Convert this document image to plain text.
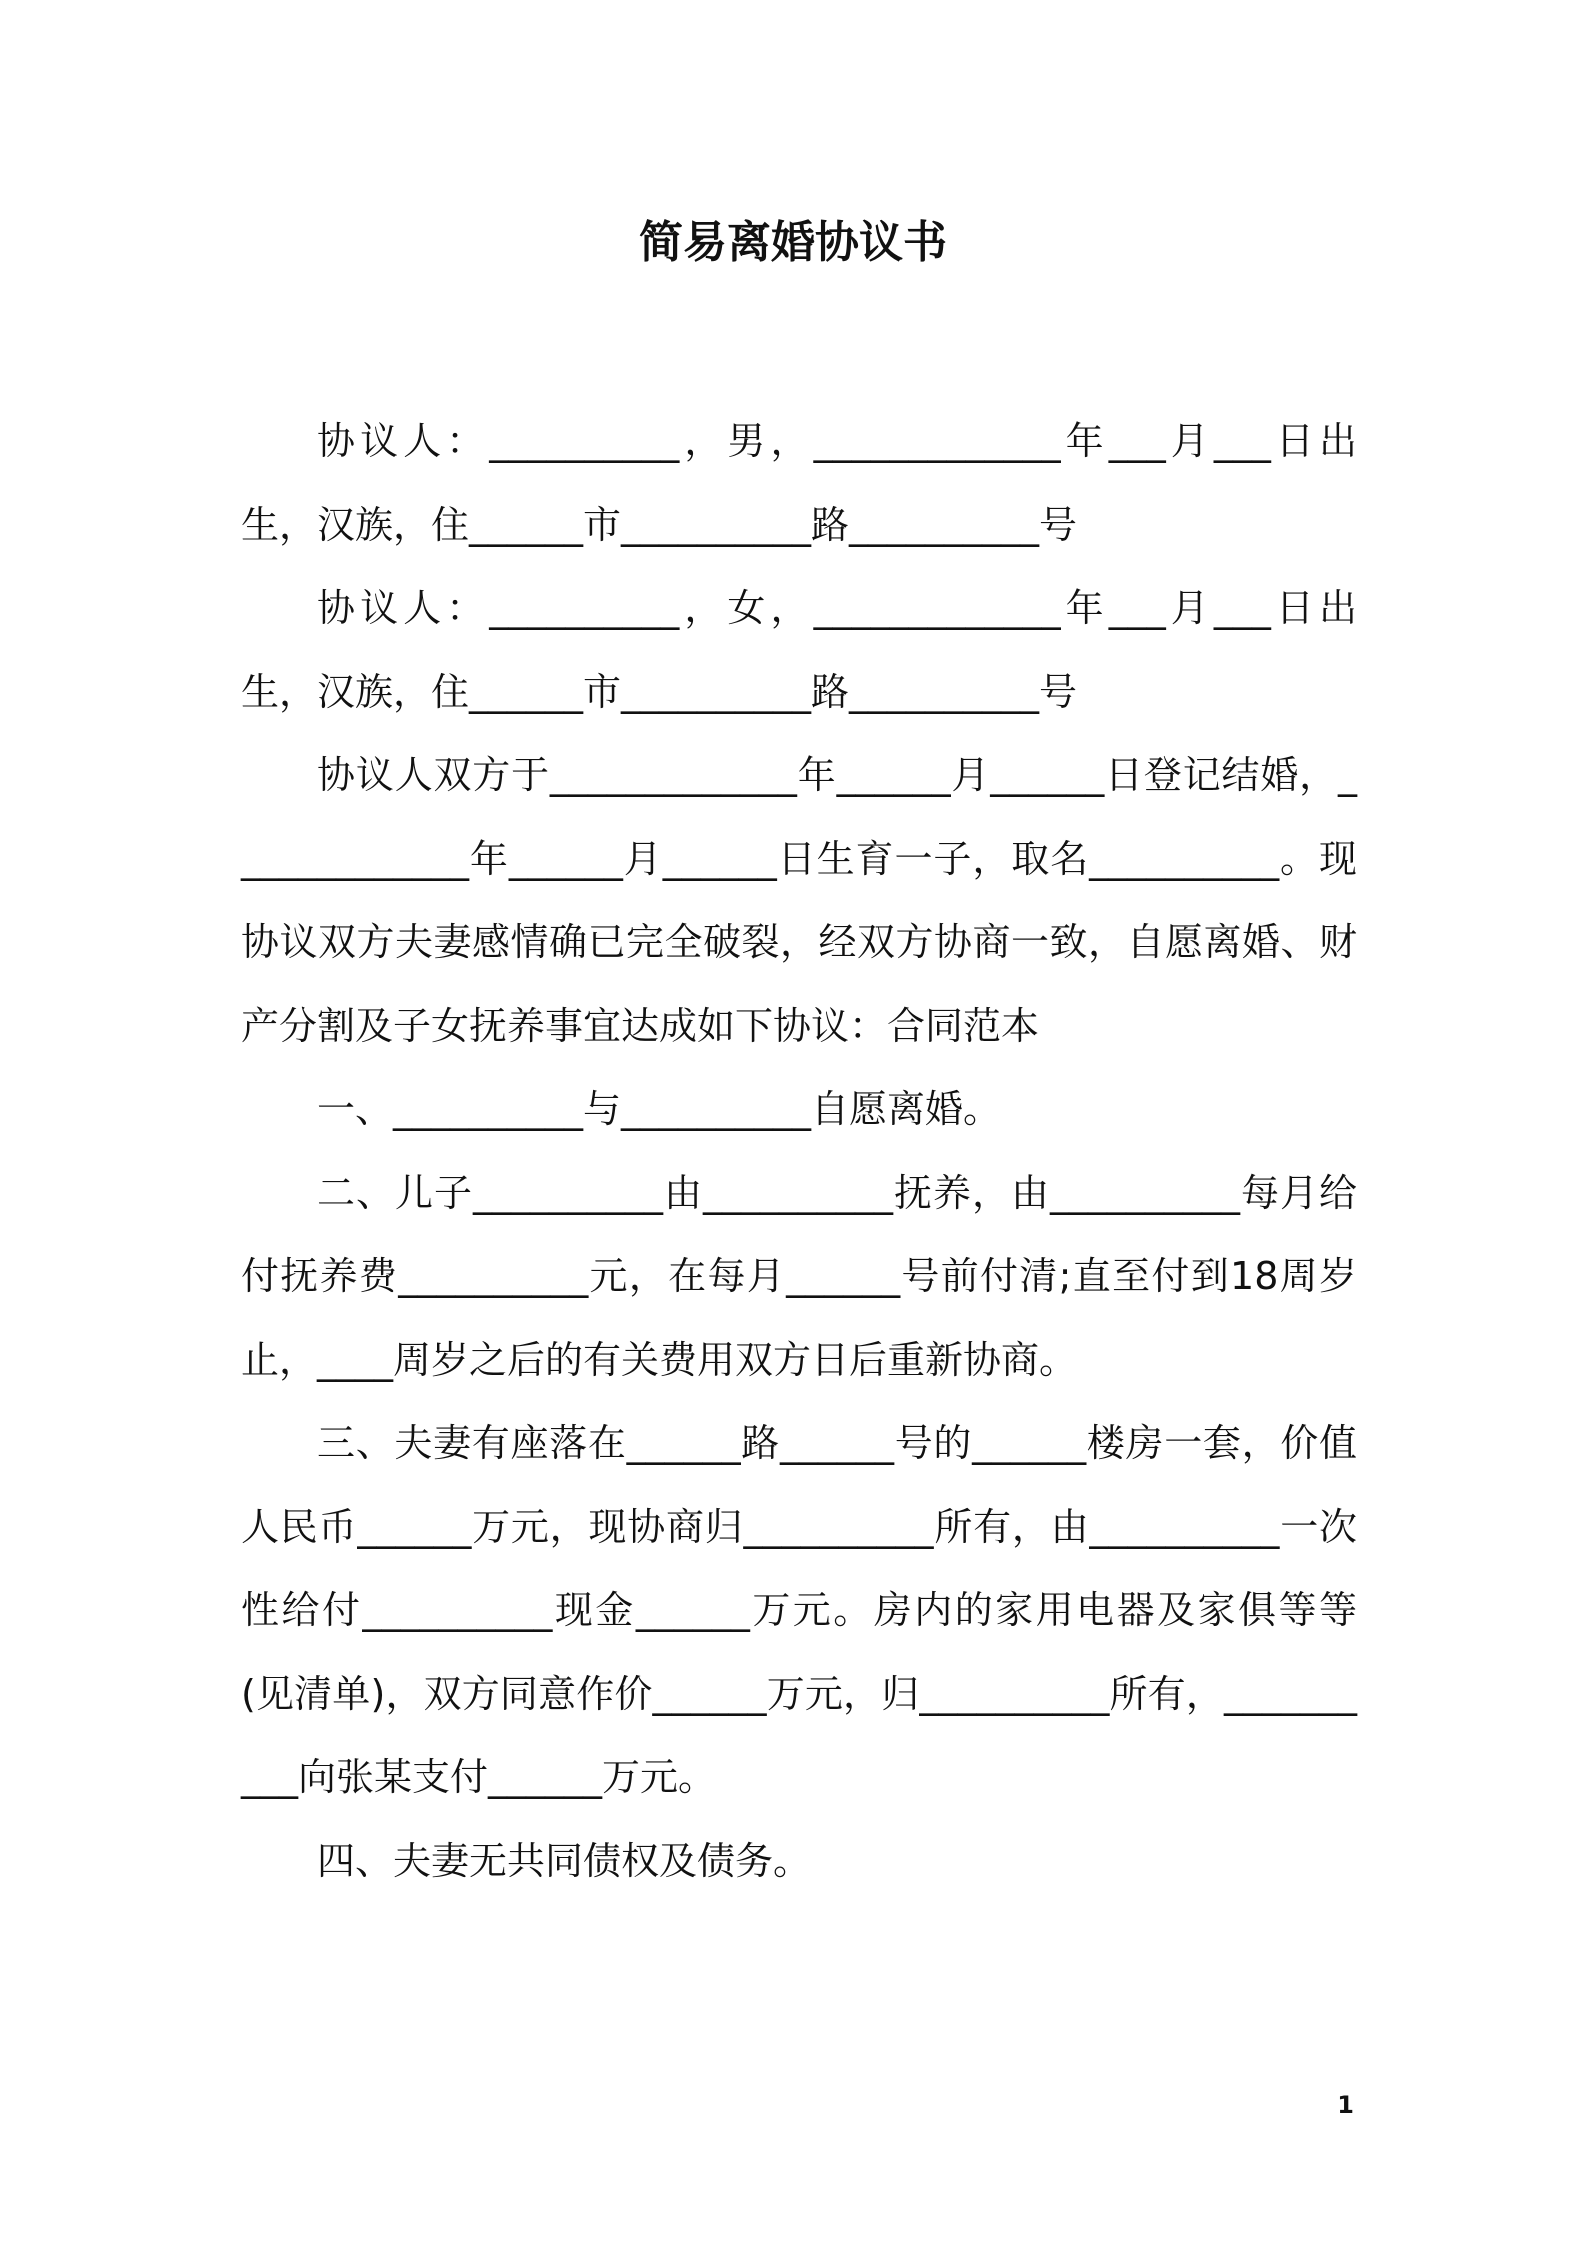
简易离婚协议书

协议人：__________，男，_____________年___月___日出生，汉族，住______市__________路__________号

协议人：__________，女，_____________年___月___日出生，汉族，住______市__________路__________号

协议人双方于_____________年______月______日登记结婚，_____________年______月______日生育一子，取名__________。现协议双方夫妻感情确已完全破裂，经双方协商一致，自愿离婚、财产分割及子女抚养事宜达成如下协议：合同范本

一、__________与__________自愿离婚。

二、儿子__________由__________抚养，由__________每月给付抚养费__________元，在每月______号前付清;直至付到18周岁止，____周岁之后的有关费用双方日后重新协商。

三、夫妻有座落在______路______号的______楼房一套，价值人民币______万元，现协商归__________所有，由__________一次性给付__________现金______万元。房内的家用电器及家俱等等(见清单)，双方同意作价______万元，归__________所有，__________向张某支付______万元。

四、夫妻无共同债权及债务。

1
